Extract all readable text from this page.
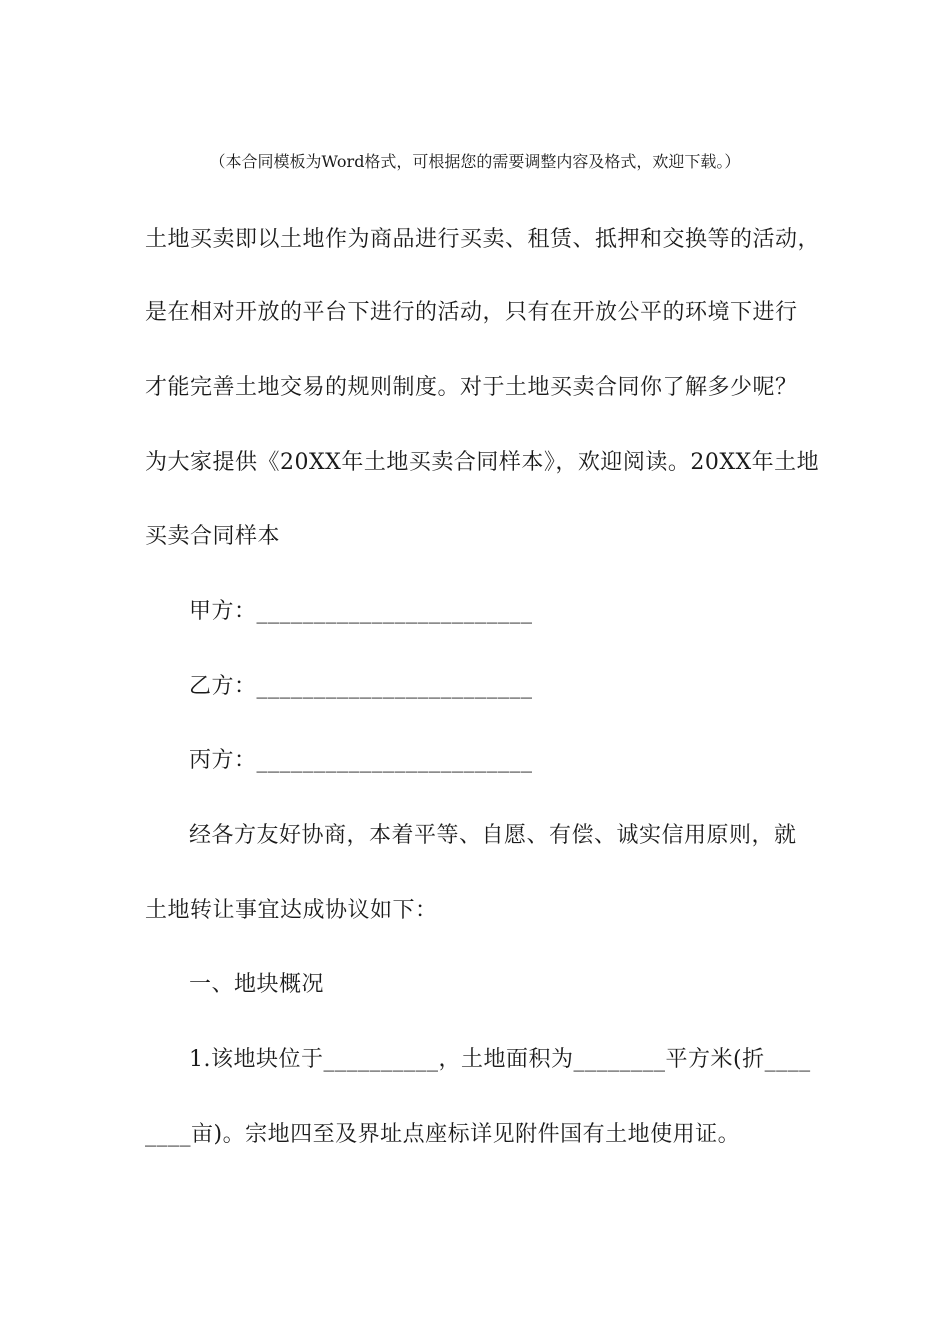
（本合同模板为Word格式，可根据您的需要调整内容及格式，欢迎下载。）
土地买卖即以土地作为商品进行买卖、租赁、抵押和交换等的活动，
是在相对开放的平台下进行的活动，只有在开放公平的环境下进行
才能完善土地交易的规则制度。对于土地买卖合同你了解多少呢？
为大家提供《20XX年土地买卖合同样本》，欢迎阅读。20XX年土地
买卖合同样本
甲方：________________________
乙方：________________________
丙方：________________________
经各方友好协商，本着平等、自愿、有偿、诚实信用原则，就
土地转让事宜达成协议如下：
一、地块概况
1.该地块位于__________，土地面积为________平方米(折____
____亩)。宗地四至及界址点座标详见附件国有土地使用证。
